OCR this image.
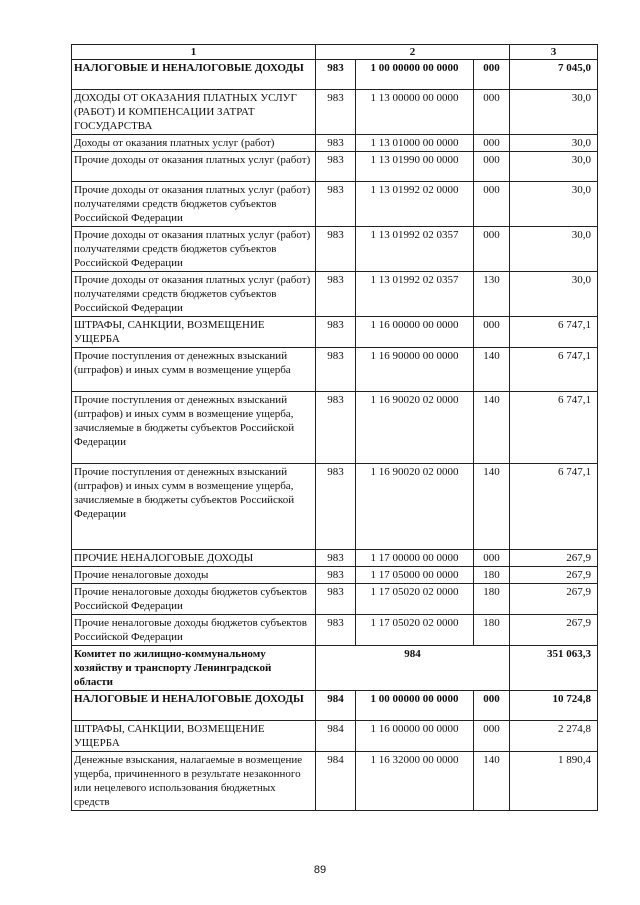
1	2			3
НАЛОГОВЫЕ И НЕНАЛОГОВЫЕ ДОХОДЫ	983	1 00 00000 00 0000	000	7 045,0
ДОХОДЫ ОТ ОКАЗАНИЯ ПЛАТНЫХ УСЛУГ (РАБОТ) И КОМПЕНСАЦИИ ЗАТРАТ ГОСУДАРСТВА	983	1 13 00000 00 0000	000	30,0
Доходы от оказания платных услуг (работ)	983	1 13 01000 00 0000	000	30,0
Прочие доходы от оказания платных услуг (работ)	983	1 13 01990 00 0000	000	30,0
Прочие доходы от оказания платных услуг (работ) получателями средств бюджетов субъектов Российской Федерации	983	1 13 01992 02 0000	000	30,0
Прочие доходы от оказания платных услуг (работ) получателями средств бюджетов субъектов Российской Федерации	983	1 13 01992 02 0357	000	30,0
Прочие доходы от оказания платных услуг (работ) получателями средств бюджетов субъектов Российской Федерации	983	1 13 01992 02 0357	130	30,0
ШТРАФЫ, САНКЦИИ, ВОЗМЕЩЕНИЕ УЩЕРБА	983	1 16 00000 00 0000	000	6 747,1
Прочие поступления от денежных взысканий (штрафов) и иных сумм в возмещение ущерба	983	1 16 90000 00 0000	140	6 747,1
Прочие поступления от денежных взысканий (штрафов) и иных сумм в возмещение ущерба, зачисляемые в бюджеты субъектов Российской Федерации	983	1 16 90020 02 0000	140	6 747,1
Прочие поступления от денежных взысканий (штрафов) и иных сумм в возмещение ущерба, зачисляемые в бюджеты субъектов Российской Федерации	983	1 16 90020 02 0000	140	6 747,1
ПРОЧИЕ НЕНАЛОГОВЫЕ ДОХОДЫ	983	1 17 00000 00 0000	000	267,9
Прочие неналоговые доходы	983	1 17 05000 00 0000	180	267,9
Прочие неналоговые доходы бюджетов субъектов Российской Федерации	983	1 17 05020 02 0000	180	267,9
Прочие неналоговые доходы бюджетов субъектов Российской Федерации	983	1 17 05020 02 0000	180	267,9
Комитет по жилищно-коммунальному хозяйству и транспорту Ленинградской области	984			351 063,3
НАЛОГОВЫЕ И НЕНАЛОГОВЫЕ ДОХОДЫ	984	1 00 00000 00 0000	000	10 724,8
ШТРАФЫ, САНКЦИИ, ВОЗМЕЩЕНИЕ УЩЕРБА	984	1 16 00000 00 0000	000	2 274,8
Денежные взыскания, налагаемые в возмещение ущерба, причиненного в результате незаконного или нецелевого использования бюджетных средств	984	1 16 32000 00 0000	140	1 890,4
89
